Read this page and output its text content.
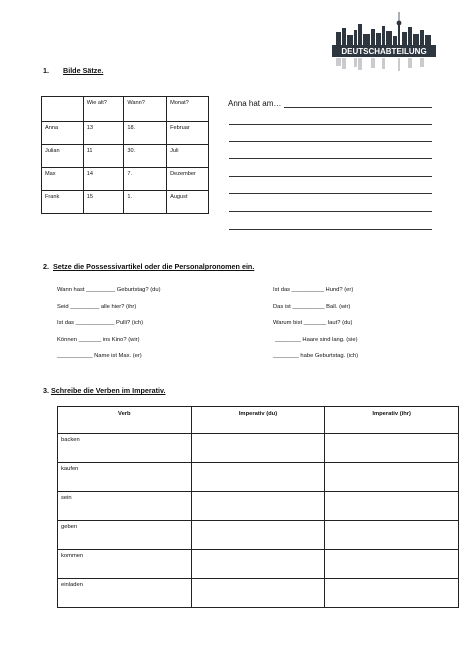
DEUTSCHABTEILUNG
1. Bilde Sätze.
	Wie alt?	Wann?	Monat?
Anna	13	18.	Februar
Julian	11	30.	Juli
Max	14	7.	Dezember
Frank	15	1.	August
Anna hat am…
2. Setze die Possessivartikel oder die Personalpronomen ein.
Wann hast _________ Geburtstag? (du)
Seid _________ alle hier? (ihr)
Ist das ____________ Pulli? (ich)
Können _______ ins Kino? (wir)
___________ Name ist Max. (er)
Ist das __________ Hund? (er)
Das ist __________ Ball. (wir)
Warum bist _______ laut? (du)
________ Haare sind lang. (sie)
________ habe Geburtstag. (ich)
3. Schreibe die Verben im Imperativ.
Verb	Imperativ (du)	Imperativ (ihr)
backen		
kaufen		
sein		
geben		
kommen		
einladen		
